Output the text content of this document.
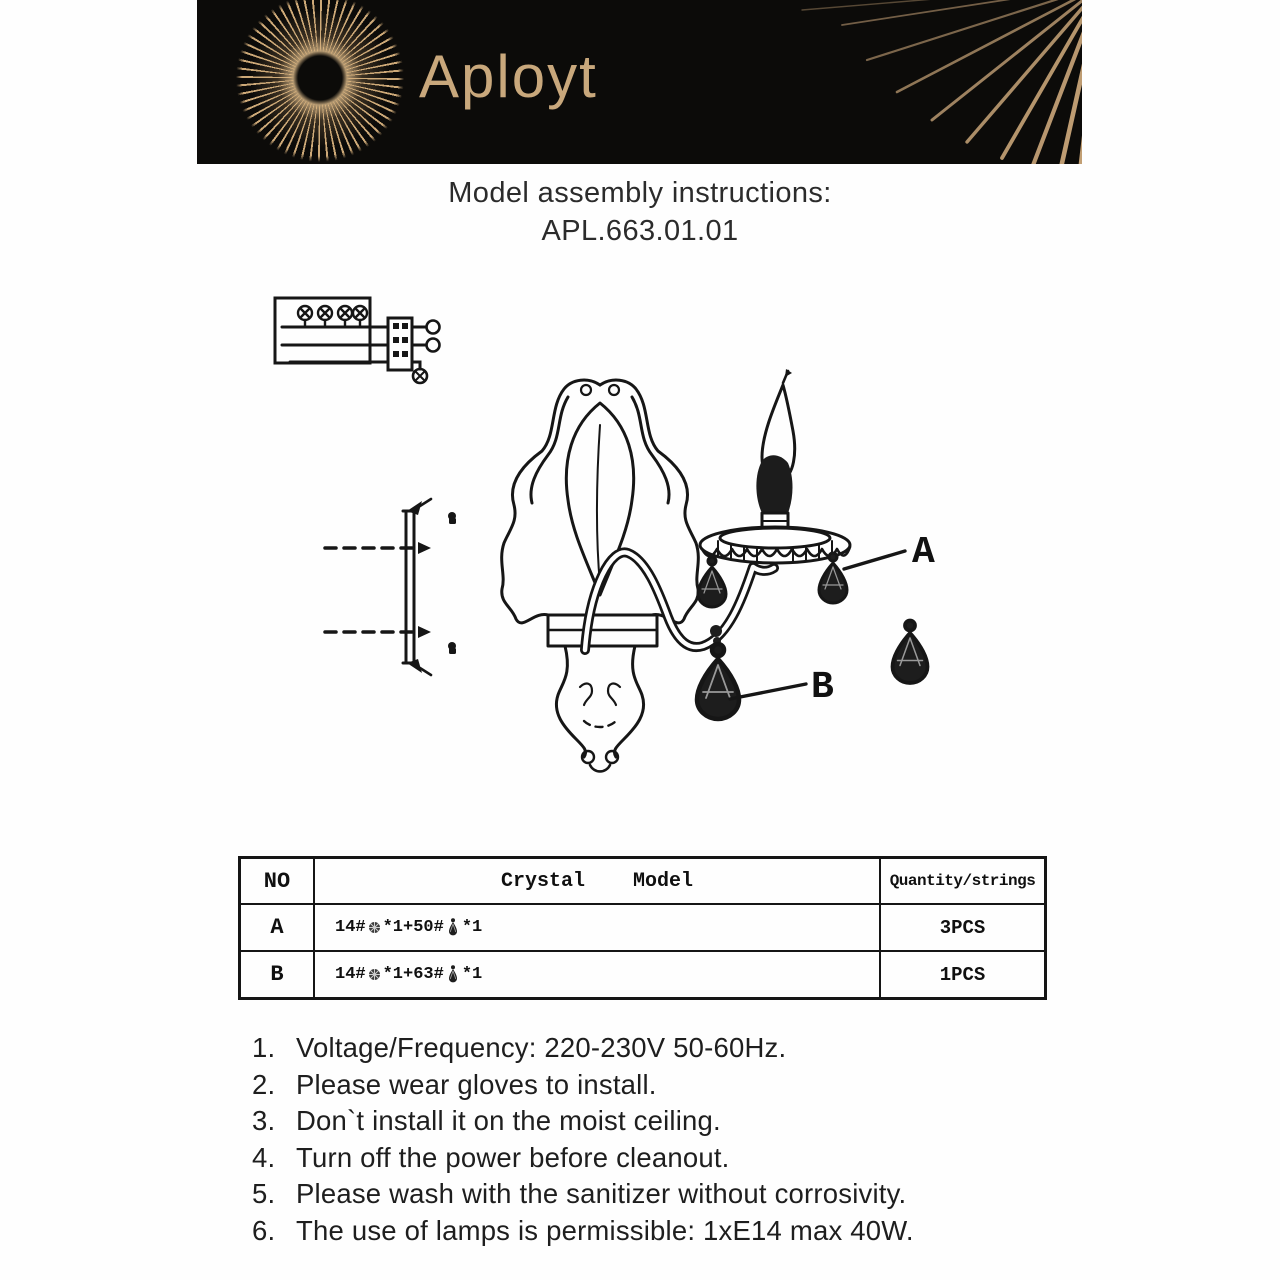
Aployt
Model assembly instructions:
APL.663.01.01
A
B
NO	Crystal    Model	Quantity/strings
A	14# *1+50# *1	3PCS
B	14# *1+63# *1	1PCS
1. Voltage/Frequency: 220-230V 50-60Hz.
2. Please wear gloves to install.
3. Don`t install it on the moist ceiling.
4. Turn off the power before cleanout.
5. Please wash with the sanitizer without corrosivity.
6. The use of lamps is permissible: 1xE14 max 40W.
